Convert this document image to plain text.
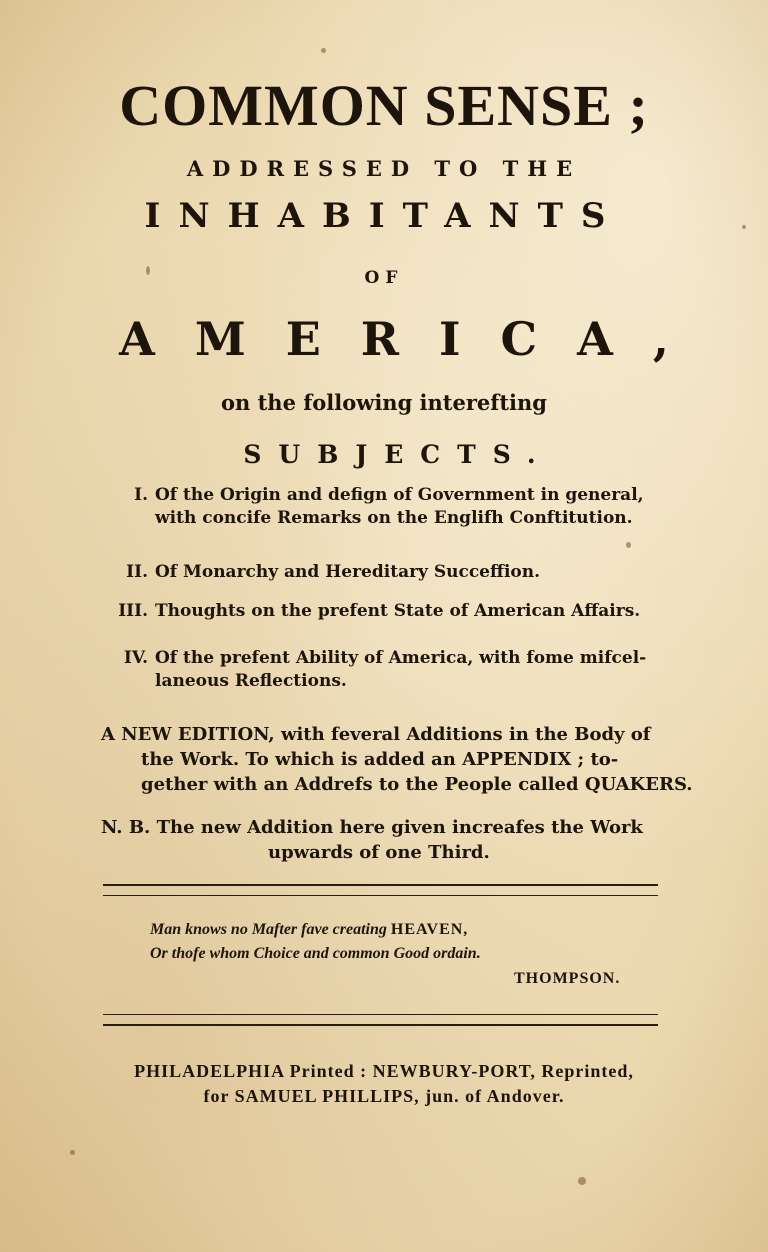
COMMON SENSE ;
ADDRESSED TO THE
INHABITANTS
OF
AMERICA,
on the following interefting
SUBJECTS.
I. Of the Origin and defign of Government in general,
with concife Remarks on the Englifh Conftitution.
II. Of Monarchy and Hereditary Succeffion.
III. Thoughts on the prefent State of American Affairs.
IV. Of the prefent Ability of America, with fome mifcel-
laneous Reflections.
A NEW EDITION, with feveral Additions in the Body of
the Work. To which is added an APPENDIX ; to-
gether with an Addrefs to the People called QUAKERS.
N. B. The new Addition here given increafes the Work
upwards of one Third.
Man knows no Mafter fave creating HEAVEN,
Or thofe whom Choice and common Good ordain.
THOMPSON.
PHILADELPHIA Printed : NEWBURY-PORT, Reprinted,
for SAMUEL PHILLIPS, jun. of Andover.
